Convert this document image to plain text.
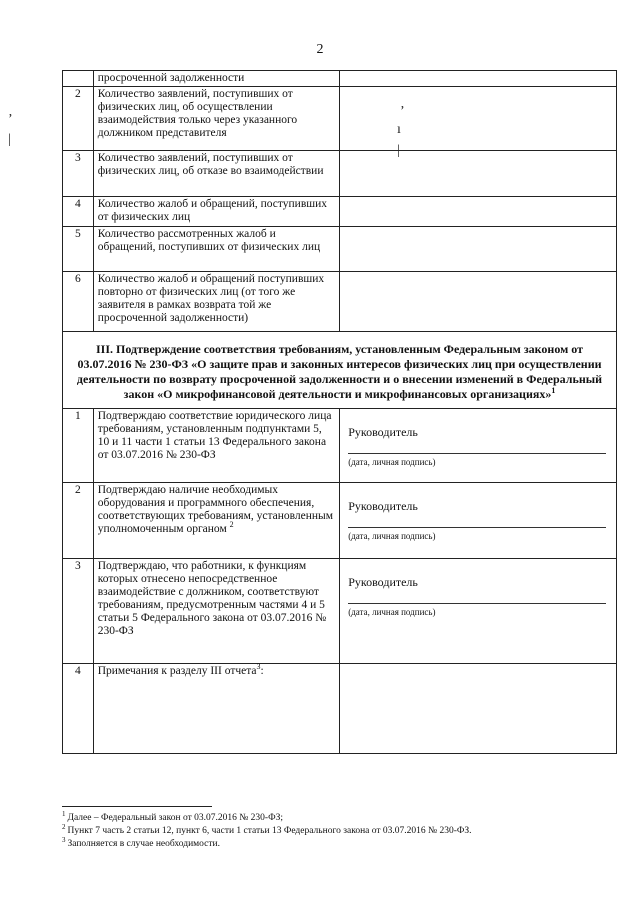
2
ʼ
ı
|
ʼ
|
	просроченной задолженности	
2	Количество заявлений, поступивших от физических лиц, об осуществлении взаимодействия только через указанного должником представителя	
3	Количество заявлений, поступивших от физических лиц, об отказе во взаимодействии	
4	Количество жалоб и обращений, поступивших от физических лиц	
5	Количество рассмотренных жалоб и обращений, поступивших от физических лиц	
6	Количество жалоб и обращений поступивших повторно от физических лиц (от того же заявителя в рамках возврата той же просроченной задолженности)	
III. Подтверждение соответствия требованиям, установленным Федеральным законом от 03.07.2016 № 230-ФЗ «О защите прав и законных интересов физических лиц при осуществлении деятельности по возврату просроченной задолженности и о внесении изменений в Федеральный закон «О микрофинансовой деятельности и микрофинансовых организациях»$^1$
1	Подтверждаю соответствие юридического лица требованиям, установленным подпунктами 5, 10 и 11 части 1 статьи 13 Федерального закона от 03.07.2016 № 230-ФЗ	Руководитель
(дата, личная подпись)

2	Подтверждаю наличие необходимых оборудования и программного обеспечения, соответствующих требованиям, установленным уполномоченным органом $^2$	Руководитель
(дата, личная подпись)

3	Подтверждаю, что работники, к функциям которых отнесено непосредственное взаимодействие с должником, соответствуют требованиям, предусмотренным частями 4 и 5 статьи 5 Федерального закона от 03.07.2016 № 230-ФЗ	Руководитель
(дата, личная подпись)

4	Примечания к разделу III отчета$^3$:	
$^1$ Далее – Федеральный закон от 03.07.2016 № 230-ФЗ;
$^2$ Пункт 7 часть 2 статьи 12, пункт 6, части 1 статьи 13 Федерального закона от 03.07.2016 № 230-ФЗ.
$^3$ Заполняется в случае необходимости.
